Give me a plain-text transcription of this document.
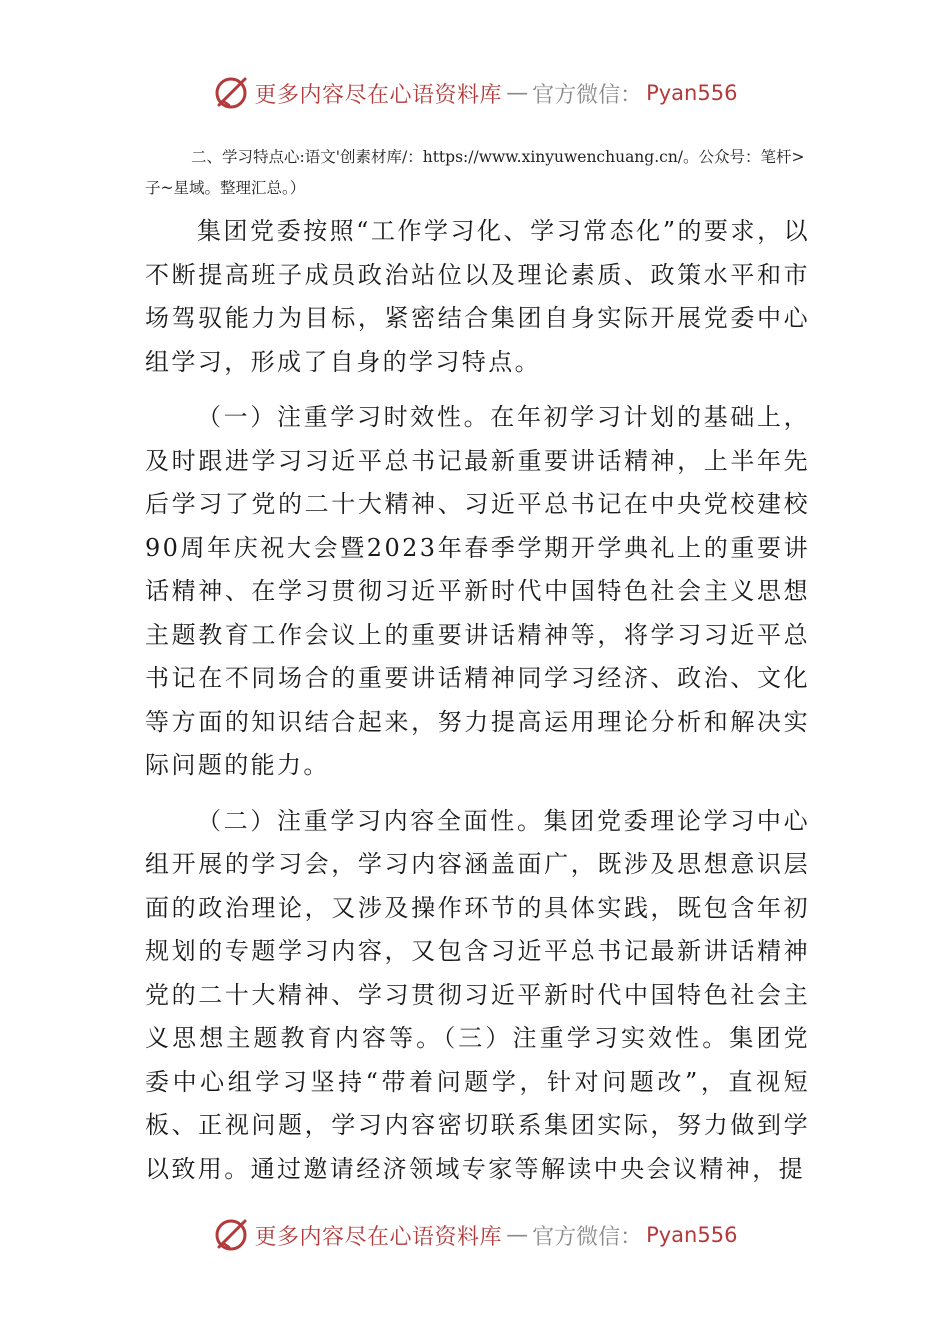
更多内容尽在心语资料库 — 官方微信： Pyan556

二、学习特点心:语文'创素材库/：https://www.xinyuwenchuang.cn/。公众号：笔杆>子~星域。整理汇总。）

集团党委按照“工作学习化、学习常态化”的要求，以不断提高班子成员政治站位以及理论素质、政策水平和市场驾驭能力为目标，紧密结合集团自身实际开展党委中心组学习，形成了自身的学习特点。

（一）注重学习时效性。在年初学习计划的基础上，及时跟进学习习近平总书记最新重要讲话精神，上半年先后学习了党的二十大精神、习近平总书记在中央党校建校90周年庆祝大会暨2023年春季学期开学典礼上的重要讲话精神、在学习贯彻习近平新时代中国特色社会主义思想主题教育工作会议上的重要讲话精神等，将学习习近平总书记在不同场合的重要讲话精神同学习经济、政治、文化等方面的知识结合起来，努力提高运用理论分析和解决实际问题的能力。

（二）注重学习内容全面性。集团党委理论学习中心组开展的学习会，学习内容涵盖面广，既涉及思想意识层面的政治理论，又涉及操作环节的具体实践，既包含年初规划的专题学习内容，又包含习近平总书记最新讲话精神党的二十大精神、学习贯彻习近平新时代中国特色社会主义思想主题教育内容等。（三）注重学习实效性。集团党委中心组学习坚持“带着问题学，针对问题改”，直视短板、正视问题，学习内容密切联系集团实际，努力做到学以致用。通过邀请经济领域专家等解读中央会议精神，提

更多内容尽在心语资料库 — 官方微信： Pyan556
